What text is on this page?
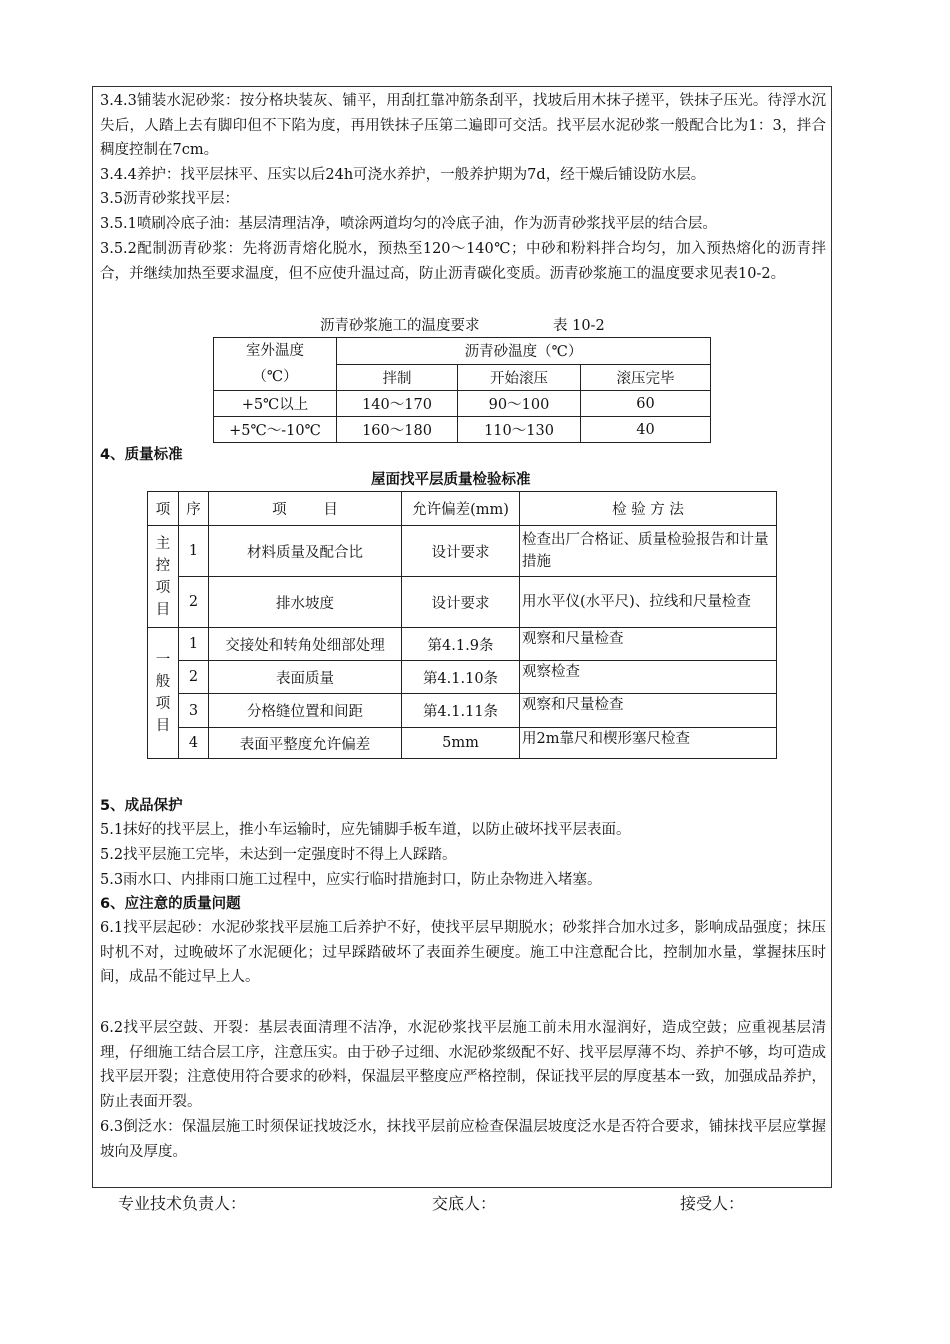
3.4.3铺装水泥砂浆：按分格块装灰、铺平，用刮扛靠冲筋条刮平，找坡后用木抹子搓平，铁抹子压光。待浮水沉失后，人踏上去有脚印但不下陷为度，再用铁抹子压第二遍即可交活。找平层水泥砂浆一般配合比为1：3，拌合稠度控制在7cm。

3.4.4养护：找平层抹平、压实以后24h可浇水养护，一般养护期为7d，经干燥后铺设防水层。

3.5沥青砂浆找平层：

3.5.1喷刷冷底子油：基层清理洁净，喷涂两道均匀的冷底子油，作为沥青砂浆找平层的结合层。

3.5.2配制沥青砂浆：先将沥青熔化脱水，预热至120～140℃；中砂和粉料拌合均匀，加入预热熔化的沥青拌合，并继续加热至要求温度，但不应使升温过高，防止沥青碳化变质。沥青砂浆施工的温度要求见表10-2。

沥青砂浆施工的温度要求	表 10-2
室外温度
（℃）	沥青砂温度（℃）		
	拌制	开始滚压	滚压完毕
+5℃以上	140～170	90～100	60
+5℃～-10℃	160～180	110～130	40
4、质量标准
屋面找平层质量检验标准
项	序	项        目	允许偏差(mm)	检 验 方 法
主
控
项
目	1	材料质量及配合比	设计要求	检查出厂合格证、质量检验报告和计量措施
	2	排水坡度	设计要求	用水平仪(水平尺)、拉线和尺量检查
一
般
项
目	1	交接处和转角处细部处理	第4.1.9条	观察和尺量检查
	2	表面质量	第4.1.10条	观察检查
	3	分格缝位置和间距	第4.1.11条	观察和尺量检查
	4	表面平整度允许偏差	5mm	用2m靠尺和楔形塞尺检查
5、成品保护

5.1抹好的找平层上，推小车运输时，应先铺脚手板车道，以防止破坏找平层表面。

5.2找平层施工完毕，未达到一定强度时不得上人踩踏。

5.3雨水口、内排雨口施工过程中，应实行临时措施封口，防止杂物进入堵塞。

6、应注意的质量问题

6.1找平层起砂：水泥砂浆找平层施工后养护不好，使找平层早期脱水；砂浆拌合加水过多，影响成品强度；抹压时机不对，过晚破坏了水泥硬化；过早踩踏破坏了表面养生硬度。施工中注意配合比，控制加水量，掌握抹压时间，成品不能过早上人。

6.2找平层空鼓、开裂：基层表面清理不洁净，水泥砂浆找平层施工前未用水湿润好，造成空鼓；应重视基层清理，仔细施工结合层工序，注意压实。由于砂子过细、水泥砂浆级配不好、找平层厚薄不均、养护不够，均可造成找平层开裂；注意使用符合要求的砂料，保温层平整度应严格控制，保证找平层的厚度基本一致，加强成品养护，防止表面开裂。

6.3倒泛水：保温层施工时须保证找坡泛水，抹找平层前应检查保温层坡度泛水是否符合要求，铺抹找平层应掌握坡向及厚度。

专业技术负责人：	交底人：	接受人：
